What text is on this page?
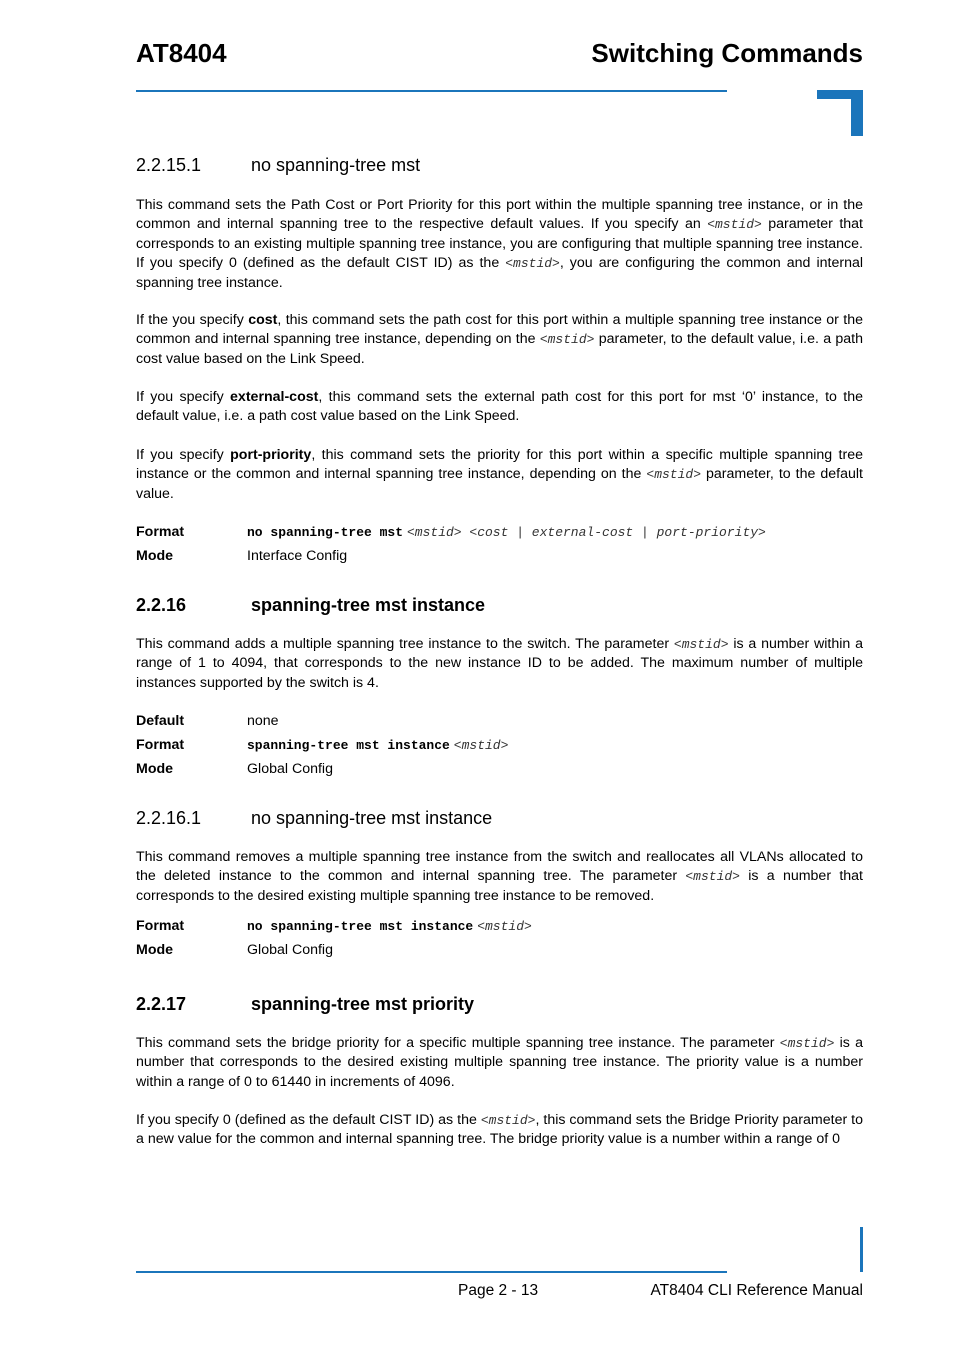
AT8404	Switching Commands
2.2.15.1	no spanning-tree mst
This command sets the Path Cost or Port Priority for this port within the multiple spanning tree instance, or in the common and internal spanning tree to the respective default values. If you specify an <mstid> parameter that corresponds to an existing multiple spanning tree instance, you are configuring that multiple spanning tree instance. If you specify 0 (defined as the default CIST ID) as the <mstid>, you are configuring the common and internal spanning tree instance.
If the you specify cost, this command sets the path cost for this port within a multiple spanning tree instance or the common and internal spanning tree instance, depending on the <mstid> parameter, to the default value, i.e. a path cost value based on the Link Speed.
If you specify external-cost, this command sets the external path cost for this port for mst ‘0’ instance, to the default value, i.e. a path cost value based on the Link Speed.
If you specify port-priority, this command sets the priority for this port within a specific multiple spanning tree instance or the common and internal spanning tree instance, depending on the <mstid> parameter, to the default value.
Format	no spanning-tree mst <mstid> <cost | external-cost | port-priority>
Mode	Interface Config
2.2.16	spanning-tree mst instance
This command adds a multiple spanning tree instance to the switch. The parameter <mstid> is a number within a range of 1 to 4094, that corresponds to the new instance ID to be added. The maximum number of multiple instances supported by the switch is 4.
Default	none
Format	spanning-tree mst instance <mstid>
Mode	Global Config
2.2.16.1	no spanning-tree mst instance
This command removes a multiple spanning tree instance from the switch and reallocates all VLANs allocated to the deleted instance to the common and internal spanning tree. The parameter <mstid> is a number that corresponds to the desired existing multiple spanning tree instance to be removed.
Format	no spanning-tree mst instance <mstid>
Mode	Global Config
2.2.17	spanning-tree mst priority
This command sets the bridge priority for a specific multiple spanning tree instance. The parameter <mstid> is a number that corresponds to the desired existing multiple spanning tree instance. The priority value is a number within a range of 0 to 61440 in increments of 4096.
If you specify 0 (defined as the default CIST ID) as the <mstid>, this command sets the Bridge Priority parameter to a new value for the common and internal spanning tree. The bridge priority value is a number within a range of 0
Page 2 - 13	AT8404 CLI Reference Manual
